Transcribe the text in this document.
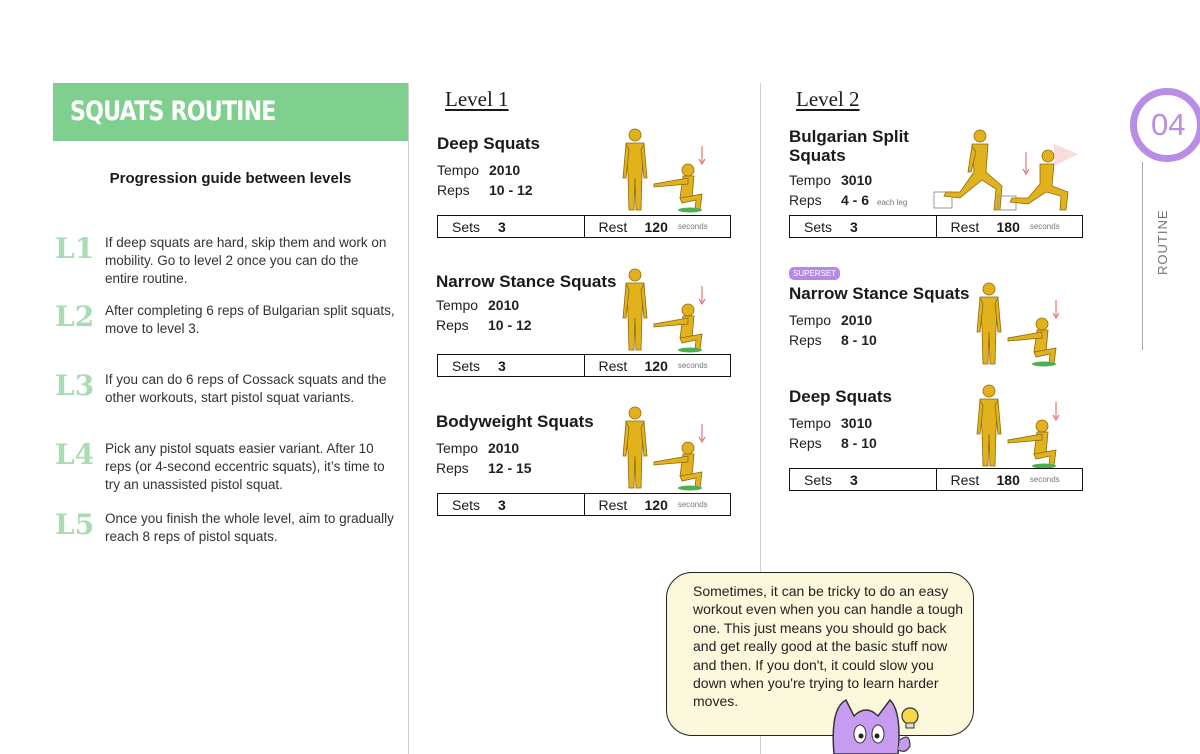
SQUATS ROUTINE
Progression guide between levels
L1 If deep squats are hard, skip them and work on mobility. Go to level 2 once you can do the entire routine.
L2 After completing 6 reps of Bulgarian split squats, move to level 3.
L3 If you can do 6 reps of Cossack squats and the other workouts, start pistol squat variants.
L4 Pick any pistol squats easier variant. After 10 reps (or 4-second eccentric squats), it’s time to try an unassisted pistol squat.
L5 Once you finish the whole level, aim to gradually reach 8 reps of pistol squats.
Level 1
Deep Squats
Tempo 2010
Reps 10 - 12
Sets	3	Rest	120 seconds
Narrow Stance Squats
Tempo 2010
Reps 10 - 12
Sets	3	Rest	120 seconds
Bodyweight Squats
Tempo 2010
Reps 12 - 15
Sets	3	Rest	120 seconds
Level 2
Bulgarian Split Squats
Tempo 3010
Reps 4 - 6 each leg
Sets	3	Rest	180 seconds
SUPERSET
Narrow Stance Squats
Tempo 2010
Reps 8 - 10
Deep Squats
Tempo 3010
Reps 8 - 10
Sets	3	Rest	180 seconds
04
ROUTINE
Sometimes, it can be tricky to do an easy workout even when you can handle a tough one. This just means you should go back and get really good at the basic stuff now and then. If you don't, it could slow you down when you're trying to learn harder moves.
